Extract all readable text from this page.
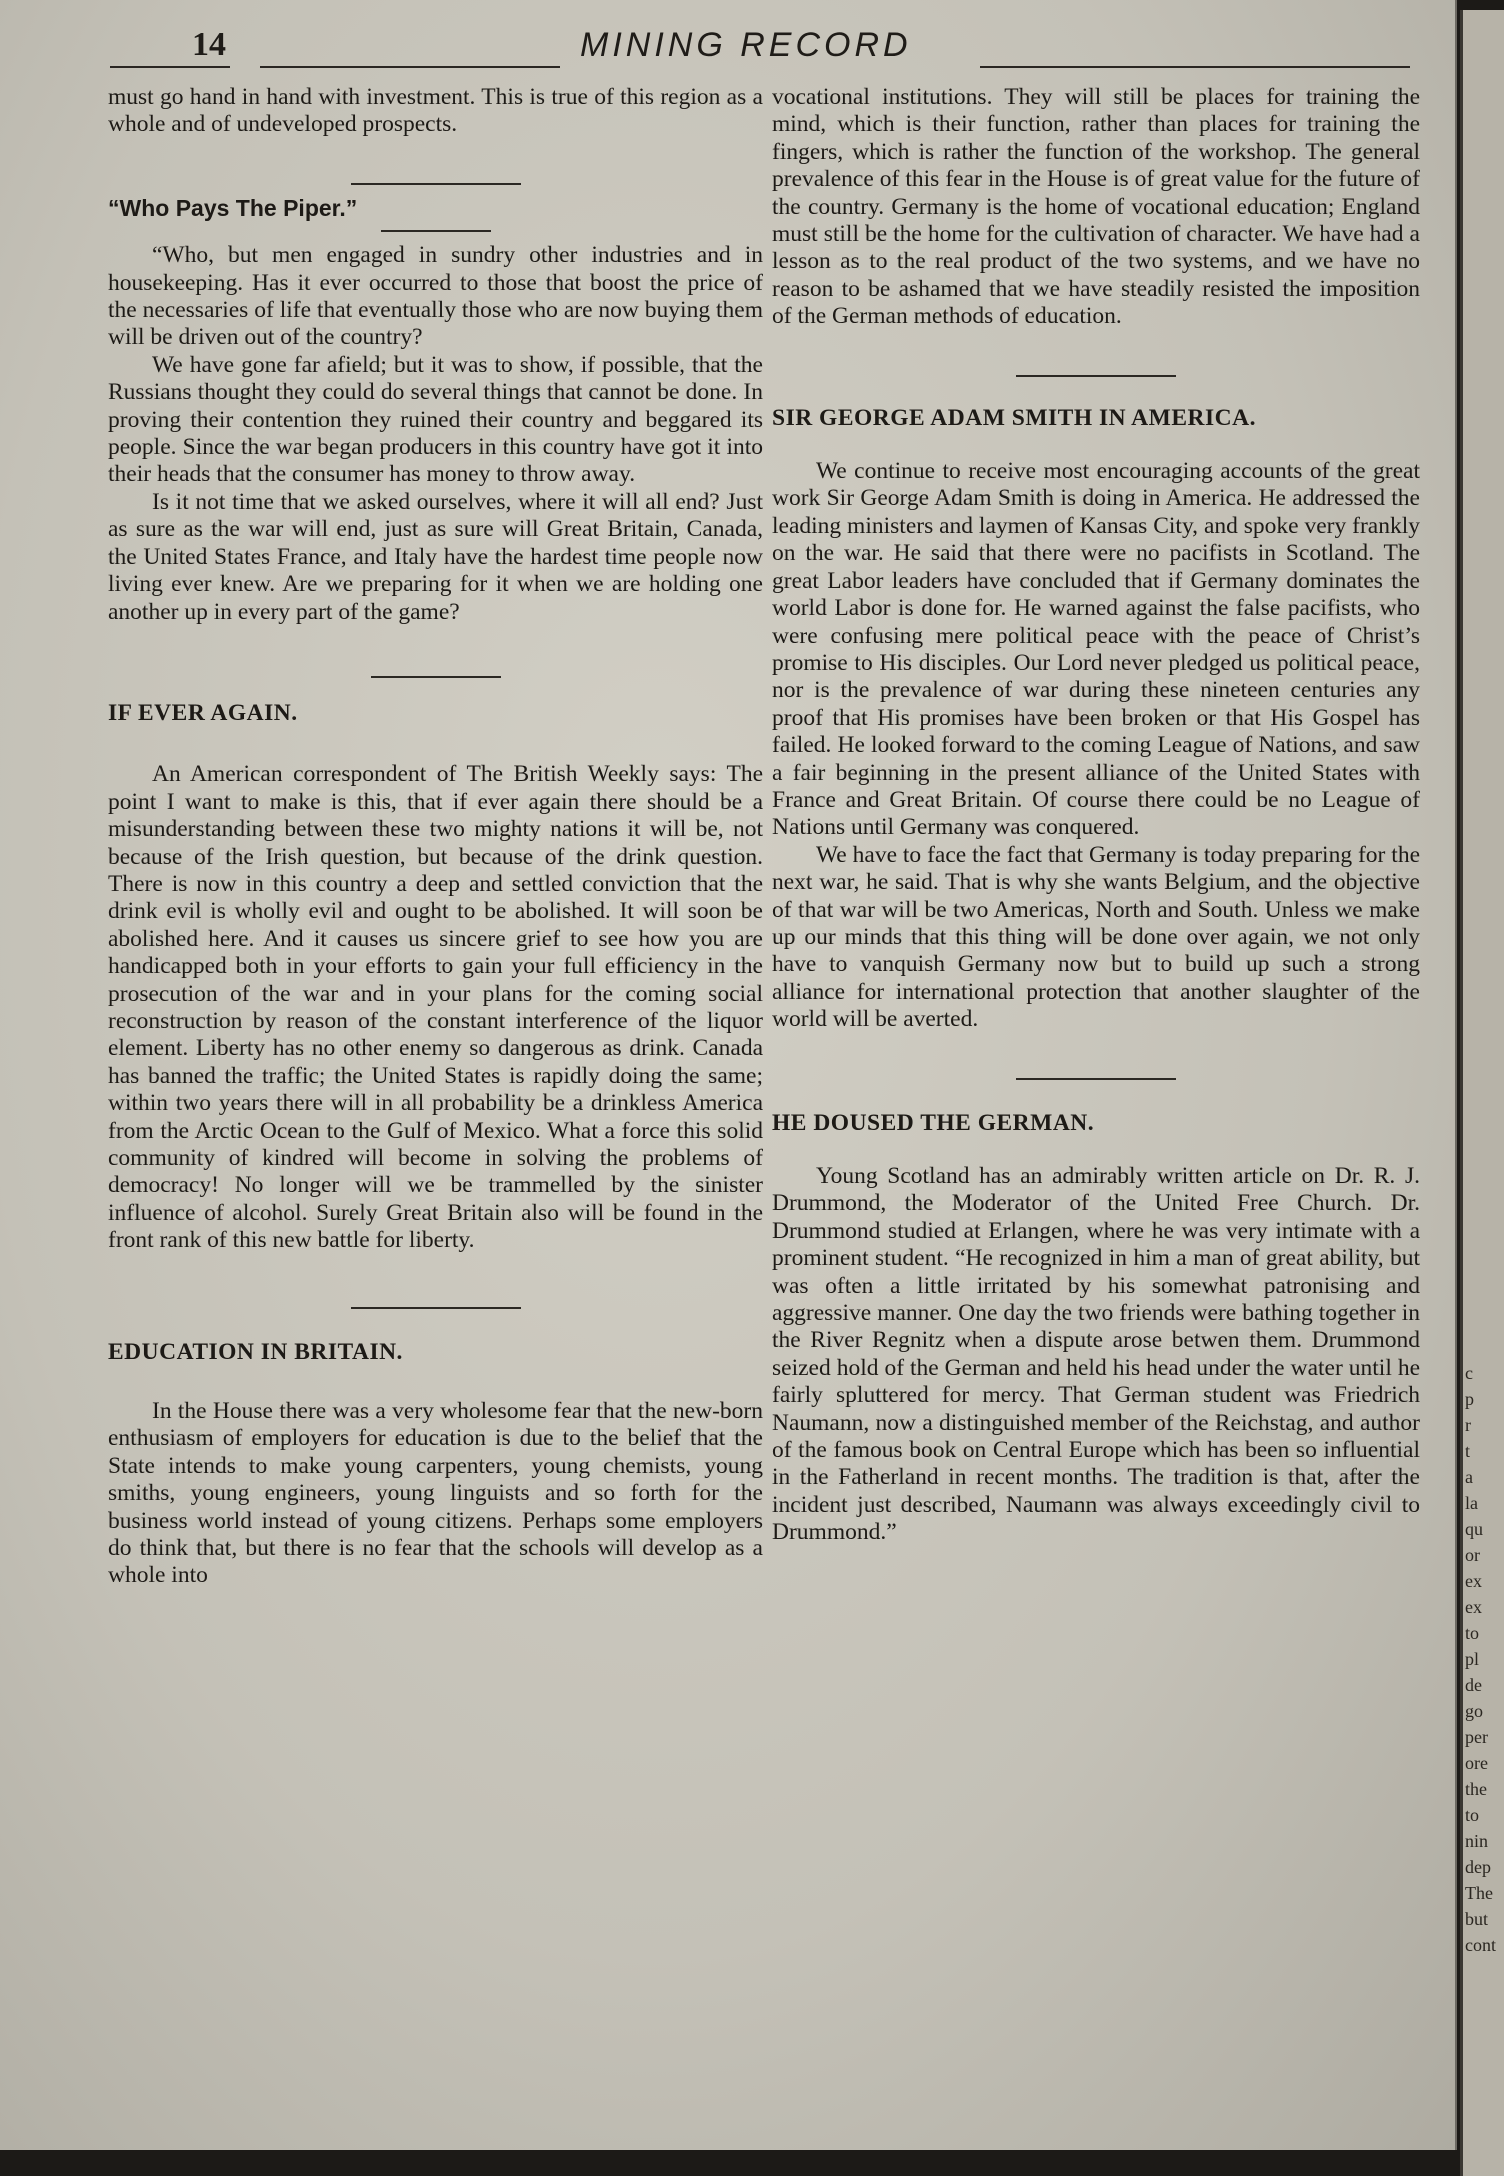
14	MINING RECORD

must go hand in hand with investment. This is true of this region as a whole and of undeveloped prospects.

“Who Pays The Piper.”

“Who, but men engaged in sundry other industries and in housekeeping. Has it ever occurred to those that boost the price of the necessaries of life that eventually those who are now buying them will be driven out of the country?

We have gone far afield; but it was to show, if possible, that the Russians thought they could do several things that cannot be done. In proving their contention they ruined their country and beggared its people. Since the war began producers in this country have got it into their heads that the consumer has money to throw away.

Is it not time that we asked ourselves, where it will all end? Just as sure as the war will end, just as sure will Great Britain, Canada, the United States France, and Italy have the hardest time people now living ever knew. Are we preparing for it when we are holding one another up in every part of the game?

IF EVER AGAIN.

An American correspondent of The British Weekly says: The point I want to make is this, that if ever again there should be a misunderstanding between these two mighty nations it will be, not because of the Irish question, but because of the drink question. There is now in this country a deep and settled conviction that the drink evil is wholly evil and ought to be abolished. It will soon be abolished here. And it causes us sincere grief to see how you are handicapped both in your efforts to gain your full efficiency in the prosecution of the war and in your plans for the coming social reconstruction by reason of the constant interference of the liquor element. Liberty has no other enemy so dangerous as drink. Canada has banned the traffic; the United States is rapidly doing the same; within two years there will in all probability be a drinkless America from the Arctic Ocean to the Gulf of Mexico. What a force this solid community of kindred will become in solving the problems of democracy! No longer will we be trammelled by the sinister influence of alcohol. Surely Great Britain also will be found in the front rank of this new battle for liberty.

EDUCATION IN BRITAIN.

In the House there was a very wholesome fear that the new-born enthusiasm of employers for education is due to the belief that the State intends to make young carpenters, young chemists, young smiths, young engineers, young linguists and so forth for the business world instead of young citizens. Perhaps some employers do think that, but there is no fear that the schools will develop as a whole into

vocational institutions. They will still be places for training the mind, which is their function, rather than places for training the fingers, which is rather the function of the workshop. The general prevalence of this fear in the House is of great value for the future of the country. Germany is the home of vocational education; England must still be the home for the cultivation of character. We have had a lesson as to the real product of the two systems, and we have no reason to be ashamed that we have steadily resisted the imposition of the German methods of education.

SIR GEORGE ADAM SMITH IN AMERICA.

We continue to receive most encouraging accounts of the great work Sir George Adam Smith is doing in America. He addressed the leading ministers and laymen of Kansas City, and spoke very frankly on the war. He said that there were no pacifists in Scotland. The great Labor leaders have concluded that if Germany dominates the world Labor is done for. He warned against the false pacifists, who were confusing mere political peace with the peace of Christ’s promise to His disciples. Our Lord never pledged us political peace, nor is the prevalence of war during these nineteen centuries any proof that His promises have been broken or that His Gospel has failed. He looked forward to the coming League of Nations, and saw a fair beginning in the present alliance of the United States with France and Great Britain. Of course there could be no League of Nations until Germany was conquered.

We have to face the fact that Germany is today preparing for the next war, he said. That is why she wants Belgium, and the objective of that war will be two Americas, North and South. Unless we make up our minds that this thing will be done over again, we not only have to vanquish Germany now but to build up such a strong alliance for international protection that another slaughter of the world will be averted.

HE DOUSED THE GERMAN.

Young Scotland has an admirably written article on Dr. R. J. Drummond, the Moderator of the United Free Church. Dr. Drummond studied at Erlangen, where he was very intimate with a prominent student. “He recognized in him a man of great ability, but was often a little irritated by his somewhat patronising and aggressive manner. One day the two friends were bathing together in the River Regnitz when a dispute arose betwen them. Drummond seized hold of the German and held his head under the water until he fairly spluttered for mercy. That German student was Friedrich Naumann, now a distinguished member of the Reichstag, and author of the famous book on Central Europe which has been so influential in the Fatherland in recent months. The tradition is that, after the incident just described, Naumann was always exceedingly civil to Drummond.”

c
p
r
t
a
la
qu
or
ex
ex
to
pl
de
go
per
ore
the
to
nin
dep
The
but
cont
